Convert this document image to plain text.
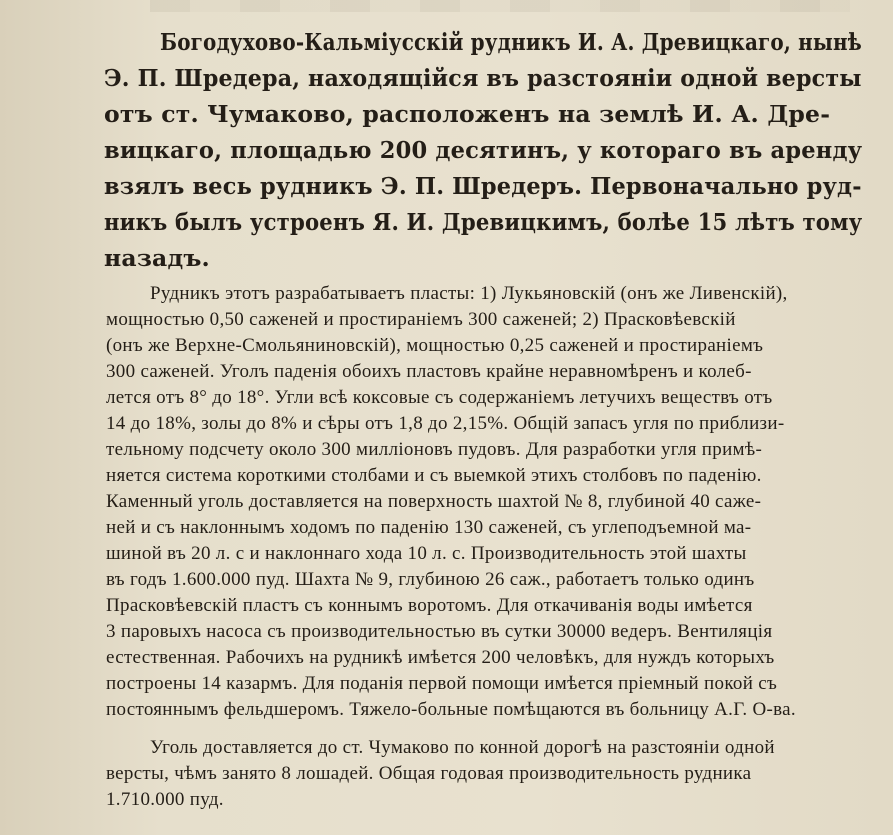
Богодухово-Кальміусскій рудникъ И. А. Древицкаго, нынѣ
Э. П. Шредера, находящійся въ разстояніи одной версты
отъ ст. Чумаково, расположенъ на землѣ И. А. Дре-
вицкаго, площадью 200 десятинъ, у котораго въ аренду
взялъ весь рудникъ Э. П. Шредеръ. Первоначально руд-
никъ былъ устроенъ Я. И. Древицкимъ, болѣе 15 лѣтъ тому
назадъ.
Рудникъ этотъ разрабатываетъ пласты: 1) Лукьяновскій (онъ же Ливенскій),
мощностью 0,50 саженей и простираніемъ 300 саженей; 2) Прасковѣевскій
(онъ же Верхне-Смольяниновскій), мощностью 0,25 саженей и простираніемъ
300 саженей. Уголъ паденія обоихъ пластовъ крайне неравномѣренъ и колеб-
лется отъ 8° до 18°. Угли всѣ коксовые съ содержаніемъ летучихъ веществъ отъ
14 до 18%, золы до 8% и сѣры отъ 1,8 до 2,15%. Общій запасъ угля по приблизи-
тельному подсчету около 300 милліоновъ пудовъ. Для разработки угля примѣ-
няется система короткими столбами и съ выемкой этихъ столбовъ по паденію.
Каменный уголь доставляется на поверхность шахтой № 8, глубиной 40 саже-
ней и съ наклоннымъ ходомъ по паденію 130 саженей, съ углеподъемной ма-
шиной въ 20 л. с и наклоннаго хода 10 л. с. Производительность этой шахты
въ годъ 1.600.000 пуд. Шахта № 9, глубиною 26 саж., работаетъ только одинъ
Прасковѣевскій пластъ съ коннымъ воротомъ. Для откачиванія воды имѣется
3 паровыхъ насоса съ производительностью въ сутки 30000 ведеръ. Вентиляція
естественная. Рабочихъ на рудникѣ имѣется 200 человѣкъ, для нуждъ которыхъ
построены 14 казармъ. Для поданія первой помощи имѣется пріемный покой съ
постояннымъ фельдшеромъ. Тяжело-больные помѣщаются въ больницу А.Г. О-ва.
Уголь доставляется до ст. Чумаково по конной дорогѣ на разстояніи одной
версты, чѣмъ занято 8 лошадей. Общая годовая производительность рудника
1.710.000 пуд.
